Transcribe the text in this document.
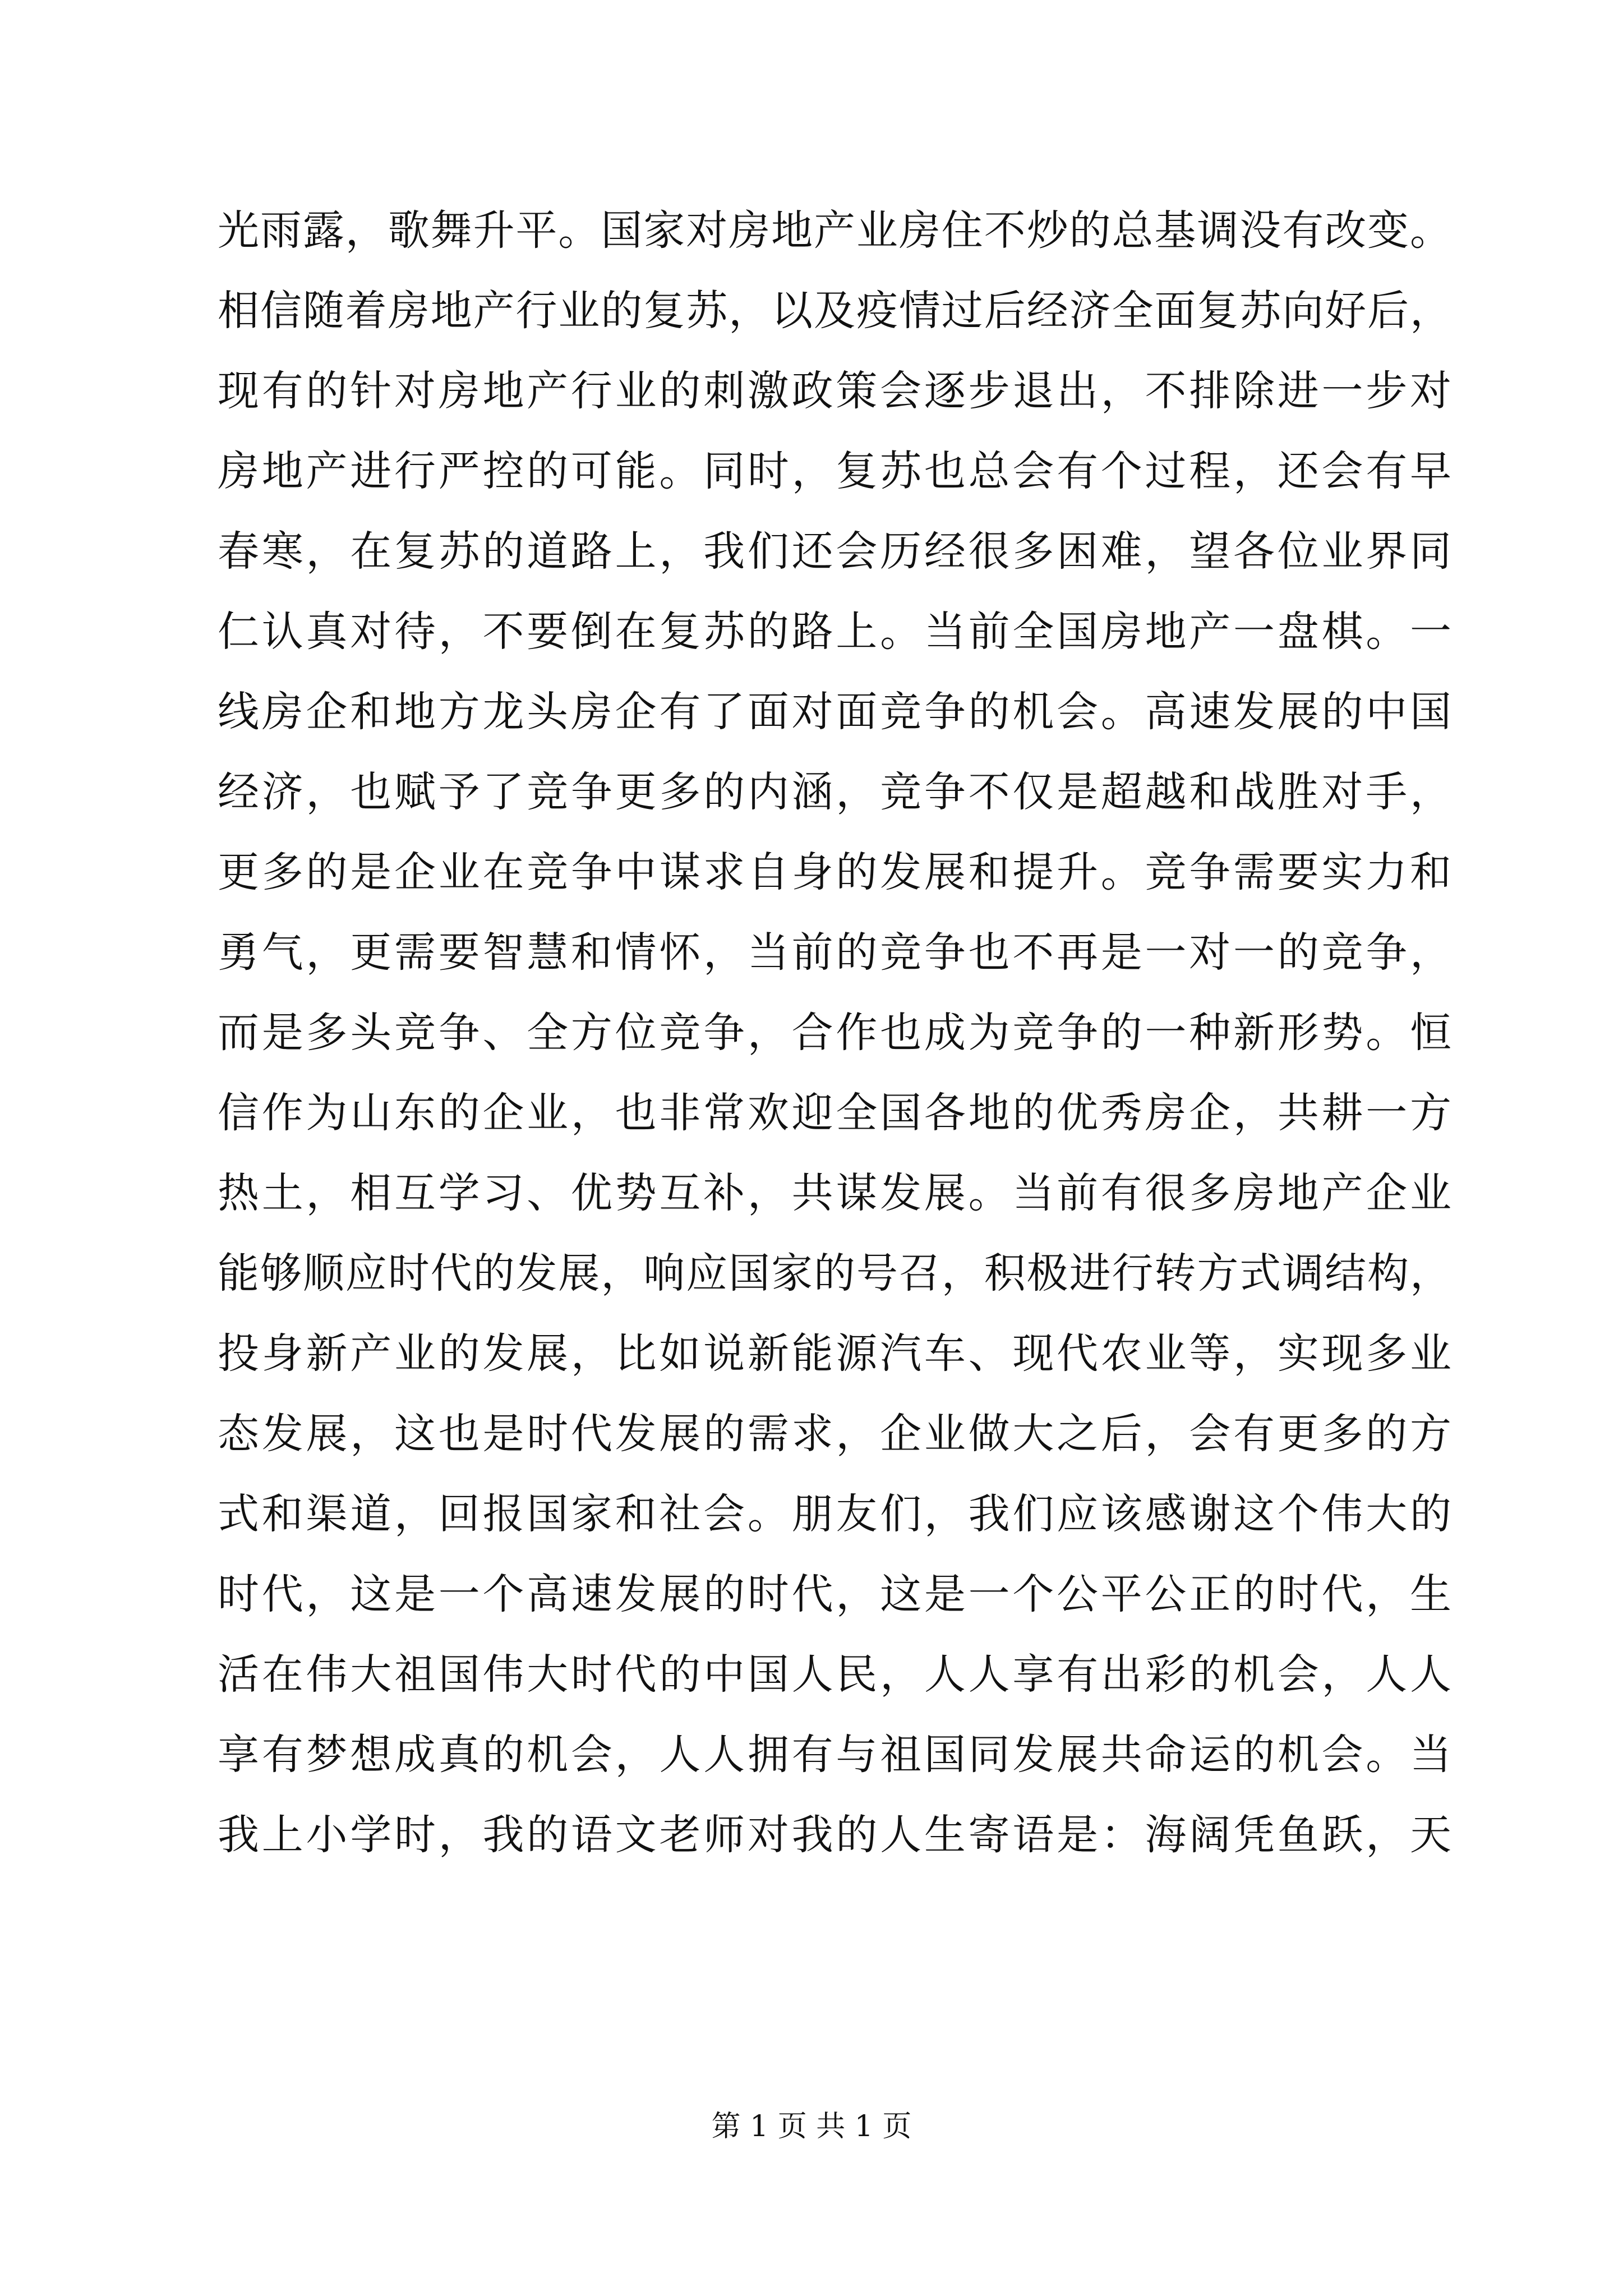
光雨露，歌舞升平。国家对房地产业房住不炒的总基调没有改变。
相信随着房地产行业的复苏，以及疫情过后经济全面复苏向好后，
现有的针对房地产行业的刺激政策会逐步退出，不排除进一步对
房地产进行严控的可能。同时，复苏也总会有个过程，还会有早
春寒，在复苏的道路上，我们还会历经很多困难，望各位业界同
仁认真对待，不要倒在复苏的路上。当前全国房地产一盘棋。一
线房企和地方龙头房企有了面对面竞争的机会。高速发展的中国
经济，也赋予了竞争更多的内涵，竞争不仅是超越和战胜对手，
更多的是企业在竞争中谋求自身的发展和提升。竞争需要实力和
勇气，更需要智慧和情怀，当前的竞争也不再是一对一的竞争，
而是多头竞争、全方位竞争，合作也成为竞争的一种新形势。恒
信作为山东的企业，也非常欢迎全国各地的优秀房企，共耕一方
热土，相互学习、优势互补，共谋发展。当前有很多房地产企业
能够顺应时代的发展，响应国家的号召，积极进行转方式调结构，
投身新产业的发展，比如说新能源汽车、现代农业等，实现多业
态发展，这也是时代发展的需求，企业做大之后，会有更多的方
式和渠道，回报国家和社会。朋友们，我们应该感谢这个伟大的
时代，这是一个高速发展的时代，这是一个公平公正的时代，生
活在伟大祖国伟大时代的中国人民，人人享有出彩的机会，人人
享有梦想成真的机会，人人拥有与祖国同发展共命运的机会。当
我上小学时，我的语文老师对我的人生寄语是：海阔凭鱼跃，天
第 1 页 共 1 页
